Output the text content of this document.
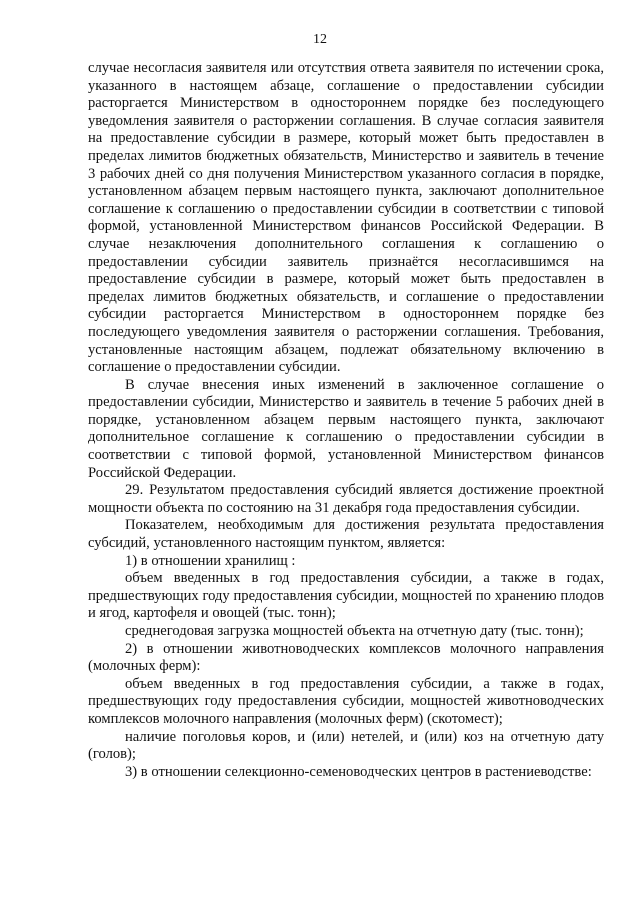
12

случае несогласия заявителя или отсутствия ответа заявителя по истечении срока, указанного в настоящем абзаце, соглашение о предоставлении субсидии расторгается Министерством в одностороннем порядке без последующего уведомления заявителя о расторжении соглашения. В случае согласия заявителя на предоставление субсидии в размере, который может быть предоставлен в пределах лимитов бюджетных обязательств, Министерство и заявитель в течение 3 рабочих дней со дня получения Министерством указанного согласия в порядке, установленном абзацем первым настоящего пункта, заключают дополнительное соглашение к соглашению о предоставлении субсидии в соответствии с типовой формой, установленной Министерством финансов Российской Федерации. В случае незаключения дополнительного соглашения к соглашению о предоставлении субсидии заявитель признаётся несогласившимся на предоставление субсидии в размере, который может быть предоставлен в пределах лимитов бюджетных обязательств, и соглашение о предоставлении субсидии расторгается Министерством в одностороннем порядке без последующего уведомления заявителя о расторжении соглашения. Требования, установленные настоящим абзацем, подлежат обязательному включению в соглашение о предоставлении субсидии.

В случае внесения иных изменений в заключенное соглашение о предоставлении субсидии, Министерство и заявитель в течение 5 рабочих дней в порядке, установленном абзацем первым настоящего пункта, заключают дополнительное соглашение к соглашению о предоставлении субсидии в соответствии с типовой формой, установленной Министерством финансов Российской Федерации.

29. Результатом предоставления субсидий является достижение проектной мощности объекта по состоянию на 31 декабря года предоставления субсидии.

Показателем, необходимым для достижения результата предоставления субсидий, установленного настоящим пунктом, является:

1) в отношении хранилищ :

объем введенных в год предоставления субсидии, а также в годах, предшествующих году предоставления субсидии, мощностей по хранению плодов и ягод, картофеля и овощей (тыс. тонн);

среднегодовая загрузка мощностей объекта на отчетную дату (тыс. тонн);

2) в отношении животноводческих комплексов молочного направления (молочных ферм):

объем введенных в год предоставления субсидии, а также в годах, предшествующих году предоставления субсидии, мощностей животноводческих комплексов молочного направления (молочных ферм) (скотомест);

наличие поголовья коров, и (или) нетелей, и (или) коз на отчетную дату (голов);

3) в отношении селекционно-семеноводческих центров в растениеводстве:
